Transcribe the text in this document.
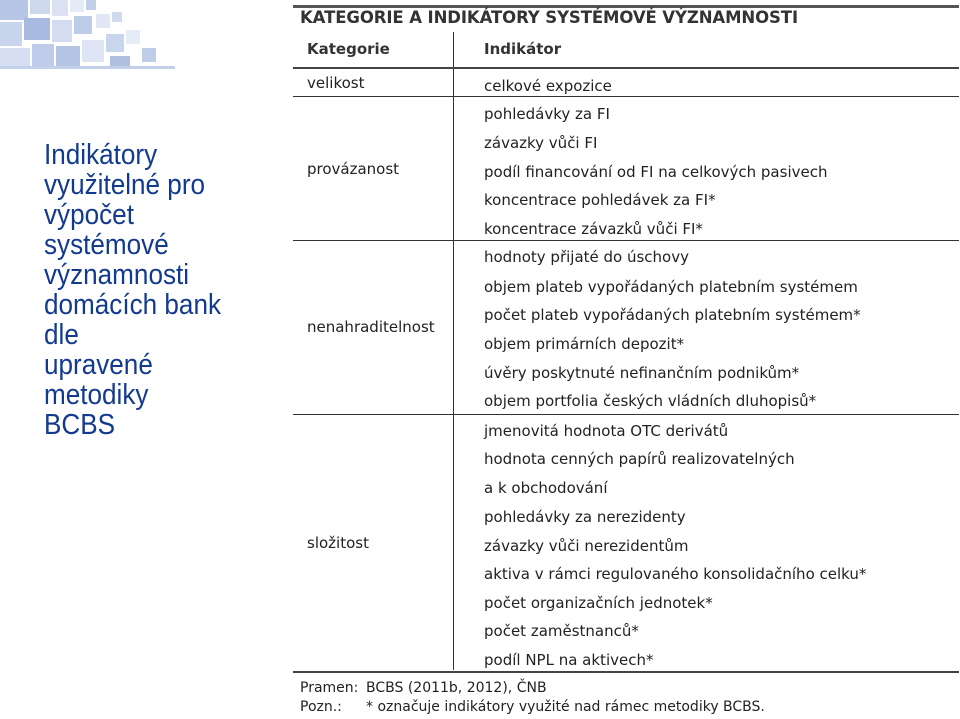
Indikátory
využitelné pro
výpočet systémové
významnosti
domácích bank dle
upravené metodiky
BCBS
KATEGORIE A INDIKÁTORY SYSTÉMOVÉ VÝZNAMNOSTI
Kategorie	Indikátor
velikost
provázanost
nenahraditelnost
složitost
celkové expozice
pohledávky za FI
závazky vůči FI
podíl financování od FI na celkových pasivech
koncentrace pohledávek za FI*
koncentrace závazků vůči FI*
hodnoty přijaté do úschovy
objem plateb vypořádaných platebním systémem
počet plateb vypořádaných platebním systémem*
objem primárních depozit*
úvěry poskytnuté nefinančním podnikům*
objem portfolia českých vládních dluhopisů*
jmenovitá hodnota OTC derivátů
hodnota cenných papírů realizovatelných
a k obchodování
pohledávky za nerezidenty
závazky vůči nerezidentům
aktiva v rámci regulovaného konsolidačního celku*
počet organizačních jednotek*
počet zaměstnanců*
podíl NPL na aktivech*
Pramen: BCBS (2011b, 2012), ČNB
Pozn.: * označuje indikátory využité nad rámec metodiky BCBS.
